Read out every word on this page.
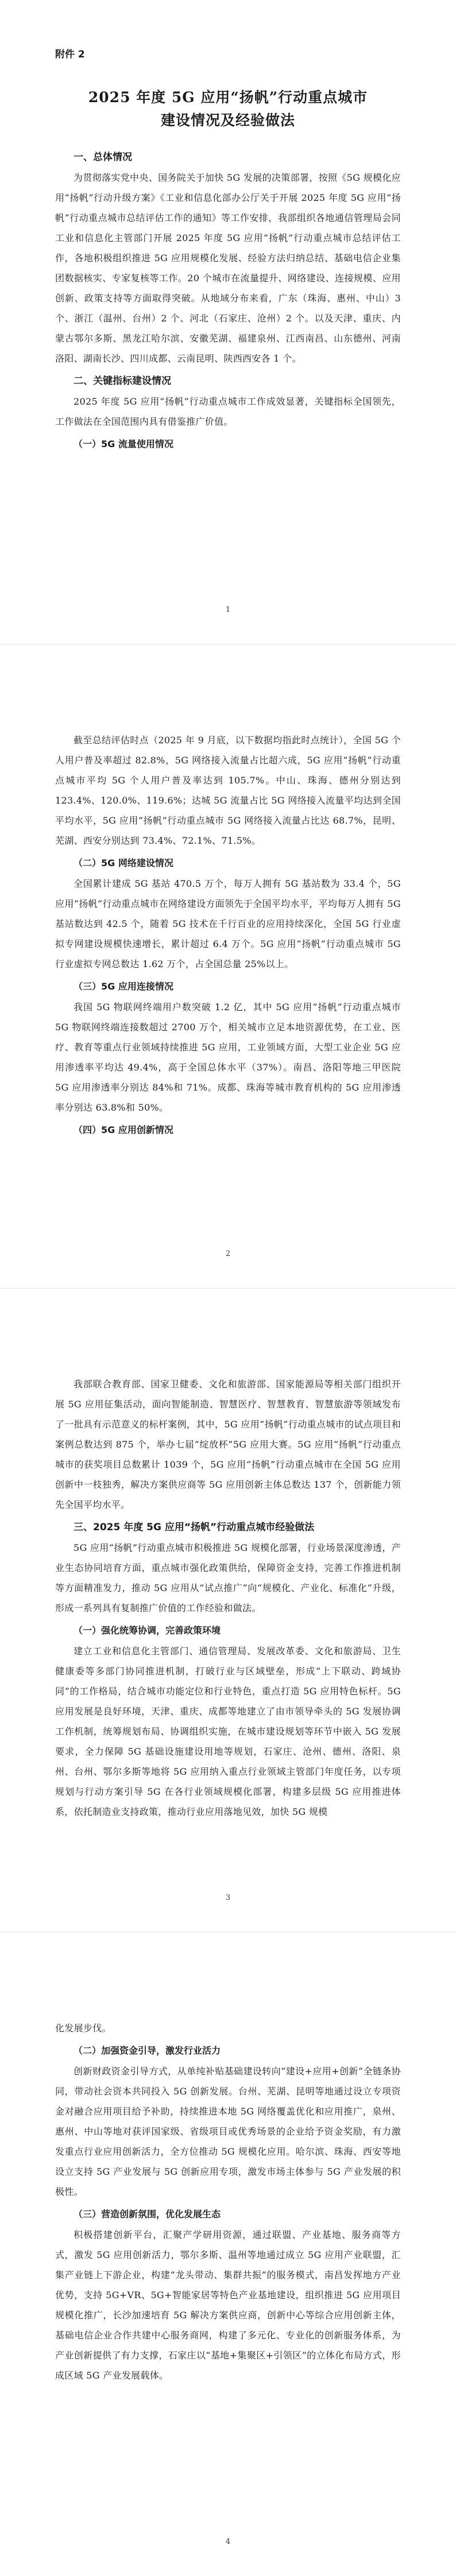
附件 2
2025 年度 5G 应用“扬帆”行动重点城市
建设情况及经验做法
一、总体情况

为贯彻落实党中央、国务院关于加快 5G 发展的决策部署，按照《5G 规模化应用“扬帆”行动升级方案》《工业和信息化部办公厅关于开展 2025 年度 5G 应用“扬帆”行动重点城市总结评估工作的通知》等工作安排，我部组织各地通信管理局会同工业和信息化主管部门开展 2025 年度 5G 应用“扬帆”行动重点城市总结评估工作，各地积极组织推进 5G 应用规模化发展、经验方法归纳总结、基础电信企业集团数据核实、专家复核等工作。20 个城市在流量提升、网络建设、连接规模、应用创新、政策支持等方面取得突破。从地域分布来看，广东（珠海、惠州、中山）3 个、浙江（温州、台州）2 个、河北（石家庄、沧州）2 个。以及天津、重庆、内蒙古鄂尔多斯、黑龙江哈尔滨、安徽芜湖、福建泉州、江西南昌、山东德州、河南洛阳、湖南长沙、四川成都、云南昆明、陕西西安各 1 个。

二、关键指标建设情况

2025 年度 5G 应用“扬帆”行动重点城市工作成效显著，关键指标全国领先，工作做法在全国范围内具有借鉴推广价值。

（一）5G 流量使用情况
1

截至总结评估时点（2025 年 9 月底，以下数据均指此时点统计），全国 5G 个人用户普及率超过 82.8%，5G 网络接入流量占比超六成，5G 应用“扬帆”行动重点城市平均 5G 个人用户普及率达到 105.7%。中山、珠海、德州分别达到 123.4%、120.0%、119.6%；达城 5G 流量占比 5G 网络接入流量平均达到全国平均水平，5G 应用“扬帆”行动重点城市 5G 网络接入流量占比达 68.7%，昆明、芜湖、西安分别达到 73.4%、72.1%、71.5%。

（二）5G 网络建设情况

全国累计建成 5G 基站 470.5 万个，每万人拥有 5G 基站数为 33.4 个，5G 应用“扬帆”行动重点城市在网络建设方面领先于全国平均水平，平均每万人拥有 5G 基站数达到 42.5 个，随着 5G 技术在千行百业的应用持续深化，全国 5G 行业虚拟专网建设规模快速增长，累计超过 6.4 万个。5G 应用“扬帆”行动重点城市 5G 行业虚拟专网总数达 1.62 万个，占全国总量 25%以上。

（三）5G 应用连接情况

我国 5G 物联网终端用户数突破 1.2 亿，其中 5G 应用“扬帆”行动重点城市 5G 物联网终端连接数超过 2700 万个，相关城市立足本地资源优势，在工业、医疗、教育等重点行业领域持续推进 5G 应用，工业领域方面，大型工业企业 5G 应用渗透率平均达 49.4%，高于全国总体水平（37%）。南昌、洛阳等地三甲医院 5G 应用渗透率分别达 84%和 71%。成都、珠海等城市教育机构的 5G 应用渗透率分别达 63.8%和 50%。

（四）5G 应用创新情况
2

我部联合教育部、国家卫健委、文化和旅游部、国家能源局等相关部门组织开展 5G 应用征集活动，面向智能制造、智慧医疗、智慧教育、智慧旅游等领域发布了一批具有示范意义的标杆案例，其中，5G 应用“扬帆”行动重点城市的试点项目和案例总数达到 875 个，举办七届“绽放杯”5G 应用大赛。5G 应用“扬帆”行动重点城市的获奖项目总数累计 1039 个，5G 应用“扬帆”行动重点城市在全国 5G 应用创新中一枝独秀，解决方案供应商等 5G 应用创新主体总数达 137 个，创新能力领先全国平均水平。

三、2025 年度 5G 应用“扬帆”行动重点城市经验做法

5G 应用“扬帆”行动重点城市积极推进 5G 规模化部署，行业场景深度渗透，产业生态协同培育方面，重点城市强化政策供给，保障资金支持，完善工作推进机制等方面精准发力，推动 5G 应用从“试点推广”向“规模化、产业化、标准化”升级，形成一系列具有复制推广价值的工作经验和做法。

（一）强化统筹协调，完善政策环境

建立工业和信息化主管部门、通信管理局、发展改革委、文化和旅游局、卫生健康委等多部门协同推进机制，打破行业与区域壁垒，形成“上下联动、跨域协同”的工作格局，结合城市功能定位和行业特色，重点打造 5G 应用特色标杆。5G 应用发展是良好环境，天津、重庆、成都等地建立了由市领导牵头的 5G 发展协调工作机制，统筹规划布局、协调组织实施，在城市建设规划等环节中嵌入 5G 发展要求，全力保障 5G 基础设施建设用地等规划，石家庄、沧州、德州、洛阳、泉州、台州、鄂尔多斯等地将 5G 应用纳入重点行业领域主管部门年度任务，以专项规划与行动方案引导 5G 在各行业领域规模化部署，构建多层级 5G 应用推进体系，依托制造业支持政策，推动行业应用落地见效，加快 5G 规模

3

化发展步伐。

（二）加强资金引导，激发行业活力

创新财政资金引导方式，从单纯补贴基础建设转向“建设+应用+创新”全链条协同，带动社会资本共同投入 5G 创新发展。台州、芜湖、昆明等地通过设立专项资金对融合应用项目给予补助，持续推进本地 5G 网络覆盖优化和应用推广，泉州、惠州、中山等地对获评国家级、省级项目或优秀场景的企业给予资金奖励，有力激发重点行业应用创新活力，全方位推动 5G 规模化应用。哈尔滨、珠海、西安等地设立支持 5G 产业发展与 5G 创新应用专项，激发市场主体参与 5G 产业发展的积极性。

（三）营造创新氛围，优化发展生态

积极搭建创新平台，汇聚产学研用资源，通过联盟、产业基地、服务商等方式，激发 5G 应用创新活力，鄂尔多斯、温州等地通过成立 5G 应用产业联盟，汇集产业链上下游企业，构建“龙头带动、集群共振”的服务模式，南昌发挥地方产业优势，支持 5G+VR、5G+智能家居等特色产业基地建设，组织推进 5G 应用项目规模化推广，长沙加速培育 5G 解决方案供应商，创新中心等综合应用创新主体，基础电信企业合作共建中心服务商网，构建了多元化、专业化的创新服务体系，为产业创新提供了有力支撑，石家庄以“基地+集聚区+引领区”的立体化布局方式，形成区域 5G 产业发展载体。

4
